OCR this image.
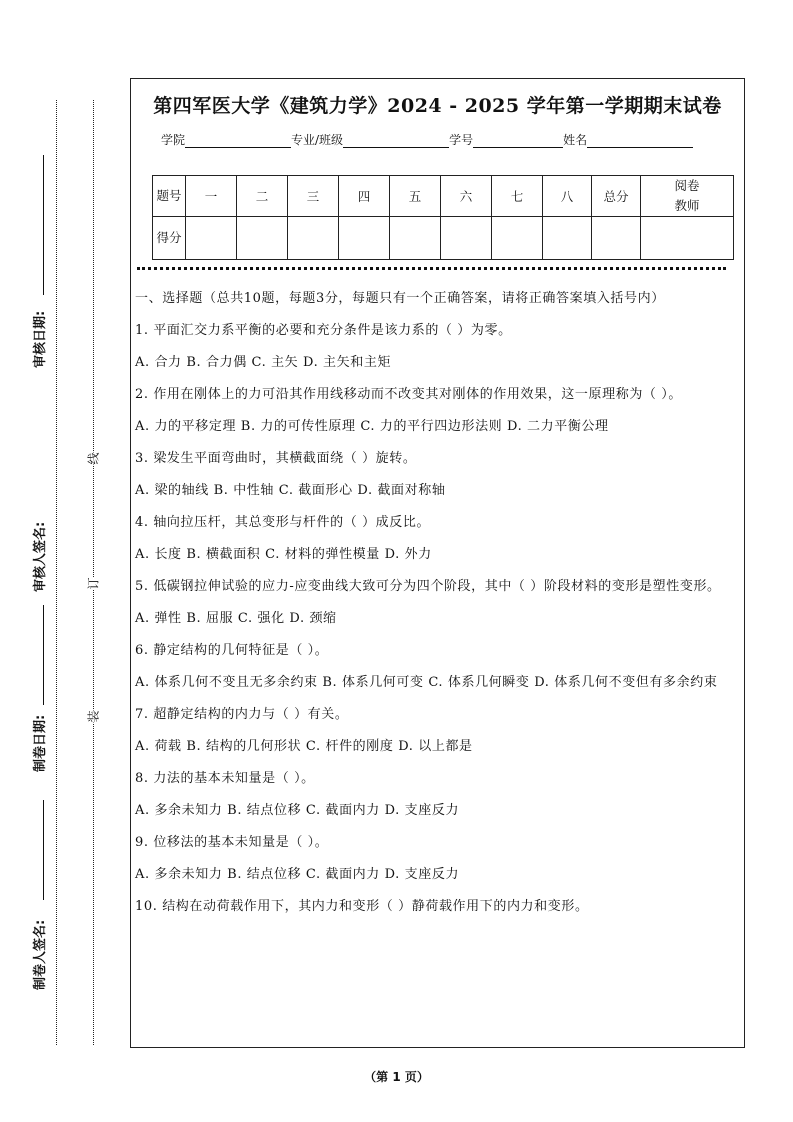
审核日期:
审核人签名:
制卷日期:
制卷人签名:
线
订
装
第四军医大学《建筑力学》2024 - 2025 学年第一学期期末试卷
学院	专业/班级	学号	姓名
题号	一	二	三	四	五	六	七	八	总分	阅卷教师
得分										

一、选择题（总共10题，每题3分，每题只有一个正确答案，请将正确答案填入括号内）

1. 平面汇交力系平衡的必要和充分条件是该力系的（ ）为零。

A. 合力 B. 合力偶 C. 主矢 D. 主矢和主矩

2. 作用在刚体上的力可沿其作用线移动而不改变其对刚体的作用效果，这一原理称为（ ）。

A. 力的平移定理 B. 力的可传性原理 C. 力的平行四边形法则 D. 二力平衡公理

3. 梁发生平面弯曲时，其横截面绕（ ）旋转。

A. 梁的轴线 B. 中性轴 C. 截面形心 D. 截面对称轴

4. 轴向拉压杆，其总变形与杆件的（ ）成反比。

A. 长度 B. 横截面积 C. 材料的弹性模量 D. 外力

5. 低碳钢拉伸试验的应力-应变曲线大致可分为四个阶段，其中（ ）阶段材料的变形是塑性变形。

A. 弹性 B. 屈服 C. 强化 D. 颈缩

6. 静定结构的几何特征是（ ）。

A. 体系几何不变且无多余约束 B. 体系几何可变 C. 体系几何瞬变 D. 体系几何不变但有多余约束

7. 超静定结构的内力与（ ）有关。

A. 荷载 B. 结构的几何形状 C. 杆件的刚度 D. 以上都是

8. 力法的基本未知量是（ ）。

A. 多余未知力 B. 结点位移 C. 截面内力 D. 支座反力

9. 位移法的基本未知量是（ ）。

A. 多余未知力 B. 结点位移 C. 截面内力 D. 支座反力

10. 结构在动荷载作用下，其内力和变形（ ）静荷载作用下的内力和变形。

（第 1 页）
